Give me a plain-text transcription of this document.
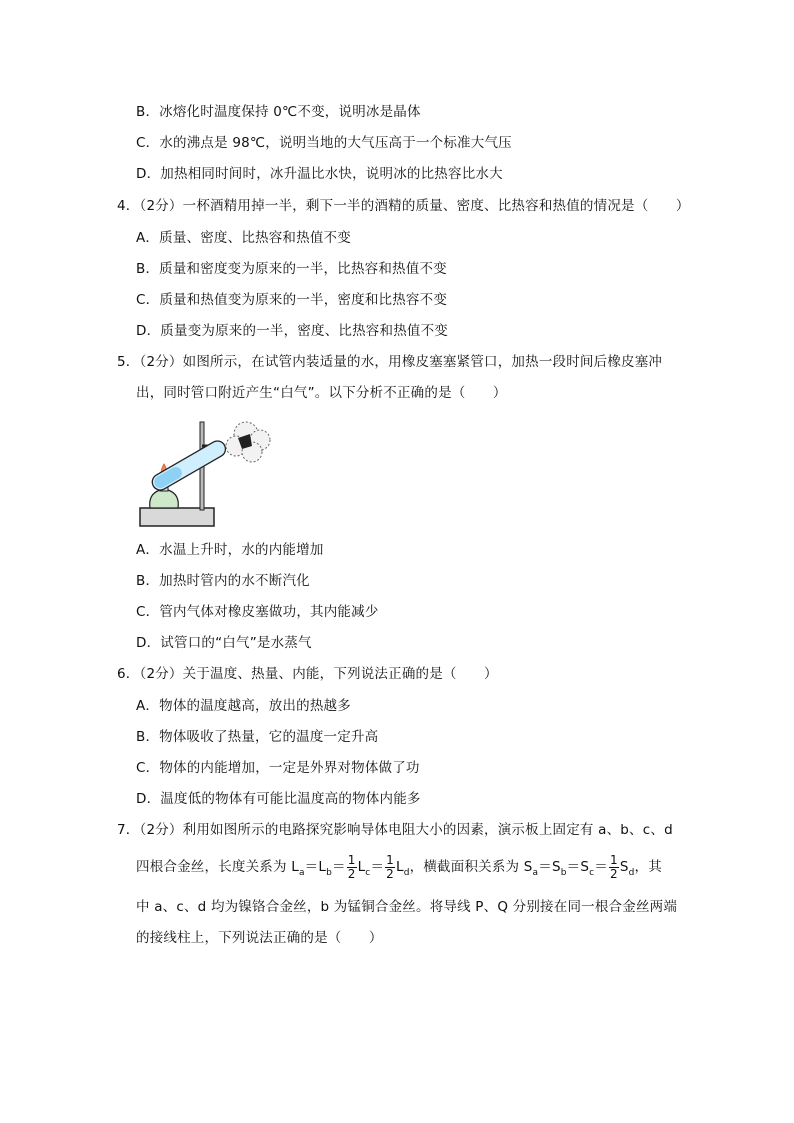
B．冰熔化时温度保持 0℃不变，说明冰是晶体
C．水的沸点是 98℃，说明当地的大气压高于一个标准大气压
D．加热相同时间时，冰升温比水快，说明冰的比热容比水大
4．（2分）一杯酒精用掉一半，剩下一半的酒精的质量、密度、比热容和热值的情况是（　　）
A．质量、密度、比热容和热值不变
B．质量和密度变为原来的一半，比热容和热值不变
C．质量和热值变为原来的一半，密度和比热容不变
D．质量变为原来的一半，密度、比热容和热值不变
5．（2分）如图所示，在试管内装适量的水，用橡皮塞塞紧管口，加热一段时间后橡皮塞冲
出，同时管口附近产生“白气”。以下分析不正确的是（　　）
A．水温上升时，水的内能增加
B．加热时管内的水不断汽化
C．管内气体对橡皮塞做功，其内能减少
D．试管口的“白气”是水蒸气
6．（2分）关于温度、热量、内能，下列说法正确的是（　　）
A．物体的温度越高，放出的热越多
B．物体吸收了热量，它的温度一定升高
C．物体的内能增加，一定是外界对物体做了功
D．温度低的物体有可能比温度高的物体内能多
7．（2分）利用如图所示的电路探究影响导体电阻大小的因素，演示板上固定有 a、b、c、d
四根合金丝，长度关系为 $L_a=L_b= \frac{1}{2} L_c= \frac{1}{2} L_d$，横截面积关系为 $S_a=S_b=S_c= \frac{1}{2} S_d$，其
中 a、c、d 均为镍铬合金丝，b 为锰铜合金丝。将导线 P、Q 分别接在同一根合金丝两端
的接线柱上，下列说法正确的是（　　）
